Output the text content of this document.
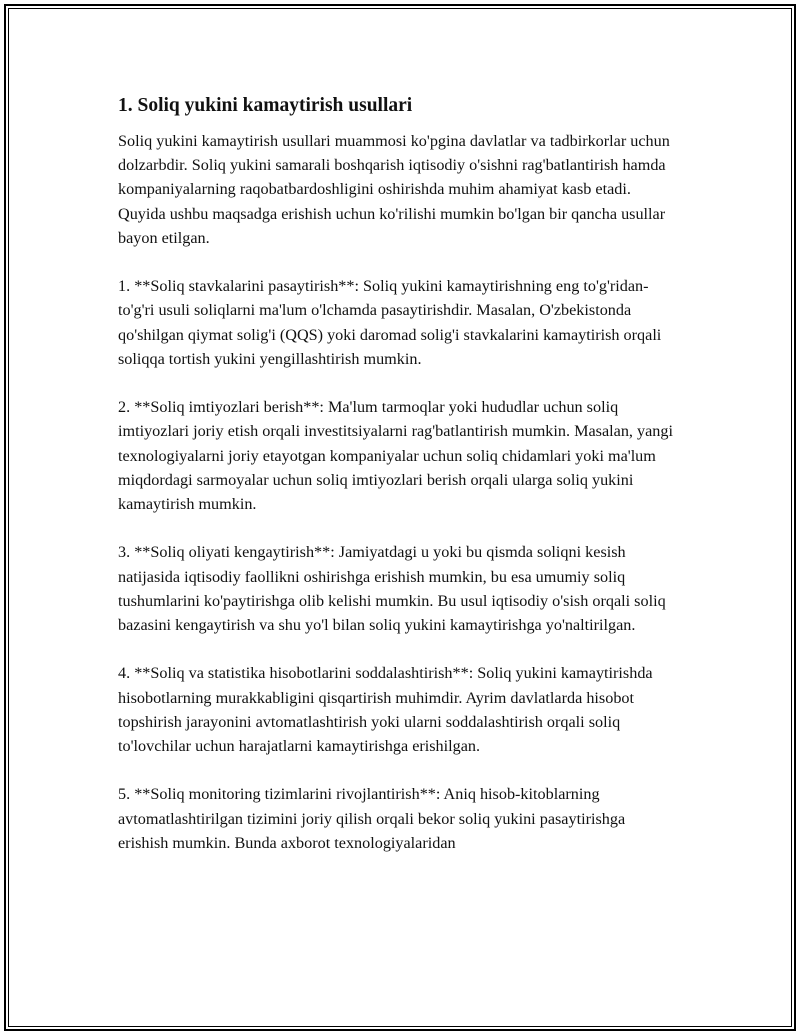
1. Soliq yukini kamaytirish usullari

Soliq yukini kamaytirish usullari muammosi ko'pgina davlatlar va tadbirkorlar uchun dolzarbdir. Soliq yukini samarali boshqarish iqtisodiy o'sishni rag'batlantirish hamda kompaniyalarning raqobatbardoshligini oshirishda muhim ahamiyat kasb etadi. Quyida ushbu maqsadga erishish uchun ko'rilishi mumkin bo'lgan bir qancha usullar bayon etilgan.

1. **Soliq stavkalarini pasaytirish**: Soliq yukini kamaytirishning eng to'g'ridan-to'g'ri usuli soliqlarni ma'lum o'lchamda pasaytirishdir. Masalan, O'zbekistonda qo'shilgan qiymat solig'i (QQS) yoki daromad solig'i stavkalarini kamaytirish orqali soliqqa tortish yukini yengillashtirish mumkin.

2. **Soliq imtiyozlari berish**: Ma'lum tarmoqlar yoki hududlar uchun soliq imtiyozlari joriy etish orqali investitsiyalarni rag'batlantirish mumkin. Masalan, yangi texnologiyalarni joriy etayotgan kompaniyalar uchun soliq chidamlari yoki ma'lum miqdordagi sarmoyalar uchun soliq imtiyozlari berish orqali ularga soliq yukini kamaytirish mumkin.

3. **Soliq oliyati kengaytirish**: Jamiyatdagi u yoki bu qismda soliqni kesish natijasida iqtisodiy faollikni oshirishga erishish mumkin, bu esa umumiy soliq tushumlarini ko'paytirishga olib kelishi mumkin. Bu usul iqtisodiy o'sish orqali soliq bazasini kengaytirish va shu yo'l bilan soliq yukini kamaytirishga yo'naltirilgan.

4. **Soliq va statistika hisobotlarini soddalashtirish**: Soliq yukini kamaytirishda hisobotlarning murakkabligini qisqartirish muhimdir. Ayrim davlatlarda hisobot topshirish jarayonini avtomatlashtirish yoki ularni soddalashtirish orqali soliq to'lovchilar uchun harajatlarni kamaytirishga erishilgan.

5. **Soliq monitoring tizimlarini rivojlantirish**: Aniq hisob-kitoblarning avtomatlashtirilgan tizimini joriy qilish orqali bekor soliq yukini pasaytirishga erishish mumkin. Bunda axborot texnologiyalaridan
